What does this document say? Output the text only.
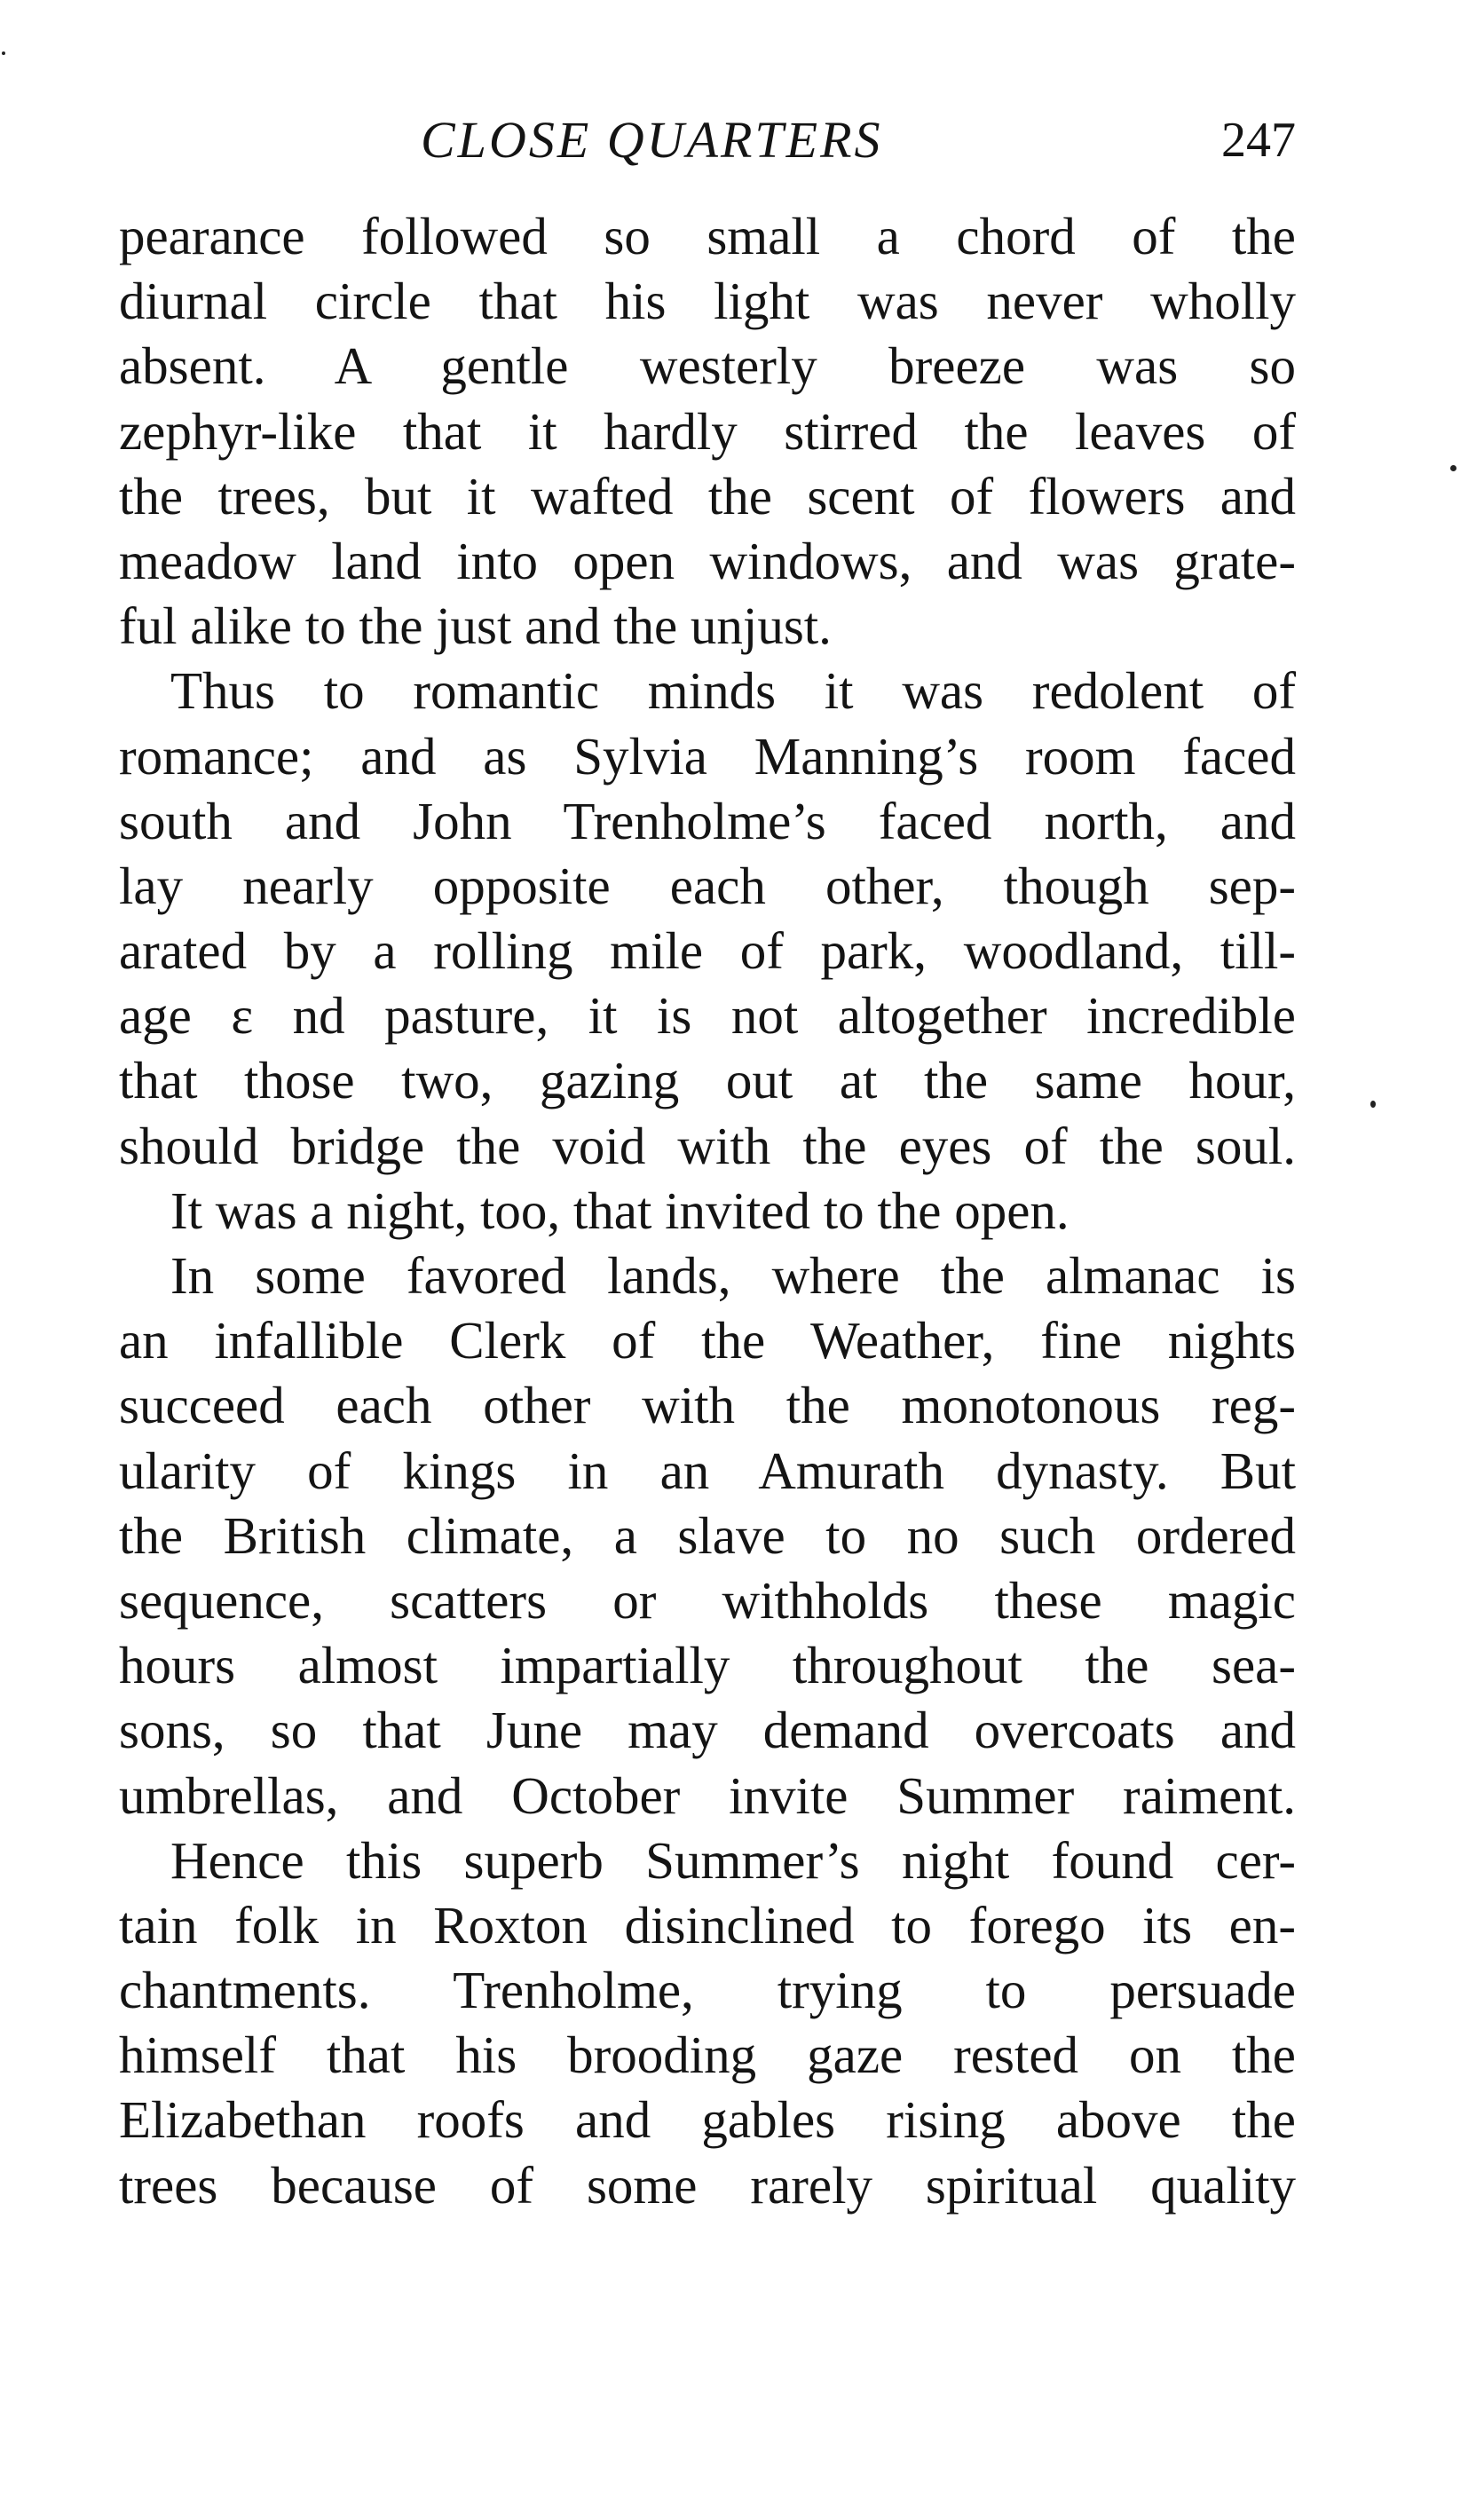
CLOSE QUARTERS	247
pearance followed so small a chord of the
diurnal circle that his light was never wholly
absent. A gentle westerly breeze was so
zephyr-like that it hardly stirred the leaves of
the trees, but it wafted the scent of flowers and
meadow land into open windows, and was grate-
ful alike to the just and the unjust.
Thus to romantic minds it was redolent of
romance; and as Sylvia Manning’s room faced
south and John Trenholme’s faced north, and
lay nearly opposite each other, though sep-
arated by a rolling mile of park, woodland, till-
age ɛ nd pasture, it is not altogether incredible
that those two, gazing out at the same hour,
should bridge the void with the eyes of the soul.
It was a night, too, that invited to the open.
In some favored lands, where the almanac is
an infallible Clerk of the Weather, fine nights
succeed each other with the monotonous reg-
ularity of kings in an Amurath dynasty. But
the British climate, a slave to no such ordered
sequence, scatters or withholds these magic
hours almost impartially throughout the sea-
sons, so that June may demand overcoats and
umbrellas, and October invite Summer raiment.
Hence this superb Summer’s night found cer-
tain folk in Roxton disinclined to forego its en-
chantments. Trenholme, trying to persuade
himself that his brooding gaze rested on the
Elizabethan roofs and gables rising above the
trees because of some rarely spiritual quality
